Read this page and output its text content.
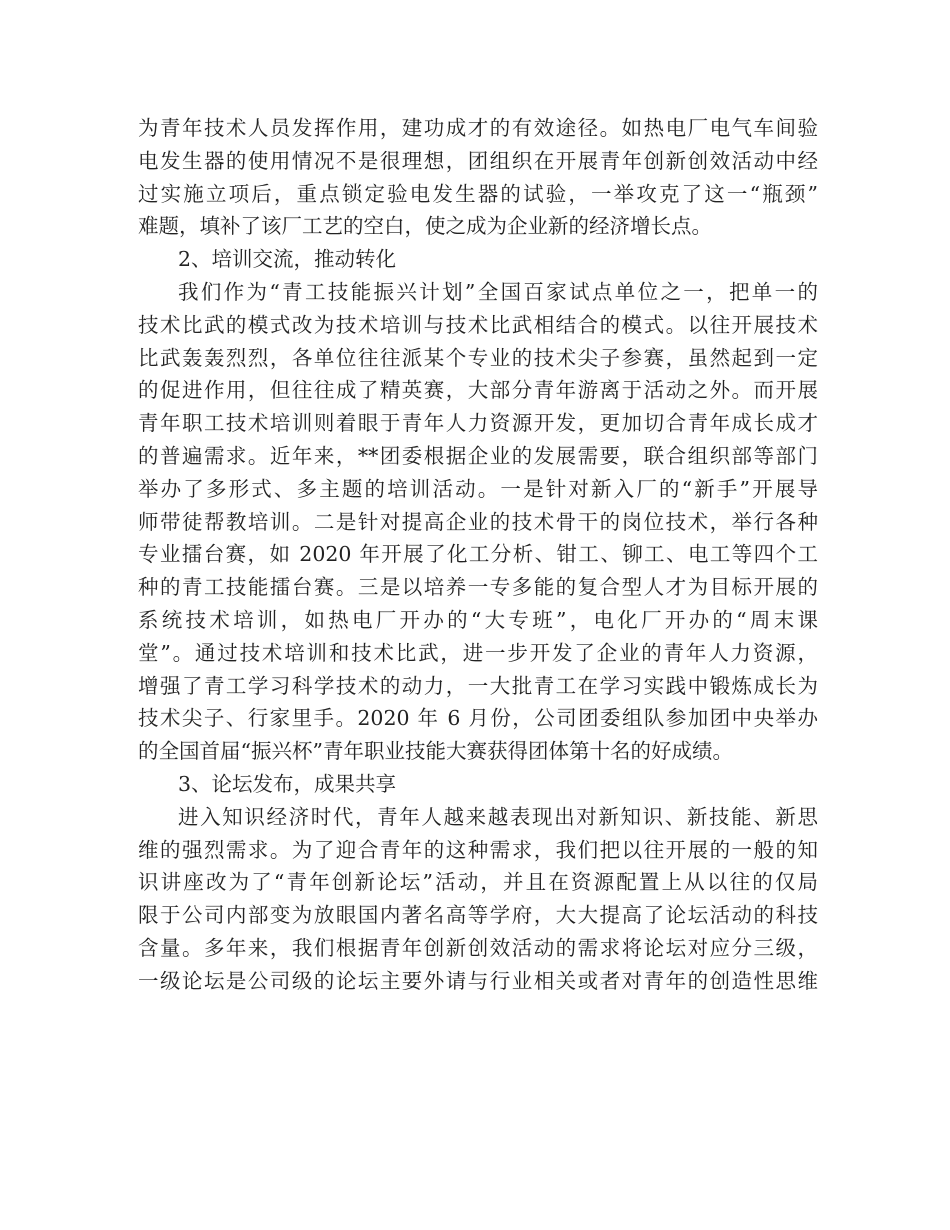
为青年技术人员发挥作用，建功成才的有效途径。如热电厂电气车间验
电发生器的使用情况不是很理想，团组织在开展青年创新创效活动中经
过实施立项后，重点锁定验电发生器的试验，一举攻克了这一“瓶颈”
难题，填补了该厂工艺的空白，使之成为企业新的经济增长点。
2、培训交流，推动转化
我们作为“青工技能振兴计划”全国百家试点单位之一，把单一的
技术比武的模式改为技术培训与技术比武相结合的模式。以往开展技术
比武轰轰烈烈，各单位往往派某个专业的技术尖子参赛，虽然起到一定
的促进作用，但往往成了精英赛，大部分青年游离于活动之外。而开展
青年职工技术培训则着眼于青年人力资源开发，更加切合青年成长成才
的普遍需求。近年来，**团委根据企业的发展需要，联合组织部等部门
举办了多形式、多主题的培训活动。一是针对新入厂的“新手”开展导
师带徒帮教培训。二是针对提高企业的技术骨干的岗位技术，举行各种
专业擂台赛，如 2020 年开展了化工分析、钳工、铆工、电工等四个工
种的青工技能擂台赛。三是以培养一专多能的复合型人才为目标开展的
系统技术培训，如热电厂开办的“大专班”，电化厂开办的“周末课
堂”。通过技术培训和技术比武，进一步开发了企业的青年人力资源，
增强了青工学习科学技术的动力，一大批青工在学习实践中锻炼成长为
技术尖子、行家里手。2020 年 6 月份，公司团委组队参加团中央举办
的全国首届“振兴杯”青年职业技能大赛获得团体第十名的好成绩。
3、论坛发布，成果共享
进入知识经济时代，青年人越来越表现出对新知识、新技能、新思
维的强烈需求。为了迎合青年的这种需求，我们把以往开展的一般的知
识讲座改为了“青年创新论坛”活动，并且在资源配置上从以往的仅局
限于公司内部变为放眼国内著名高等学府，大大提高了论坛活动的科技
含量。多年来，我们根据青年创新创效活动的需求将论坛对应分三级，
一级论坛是公司级的论坛主要外请与行业相关或者对青年的创造性思维
